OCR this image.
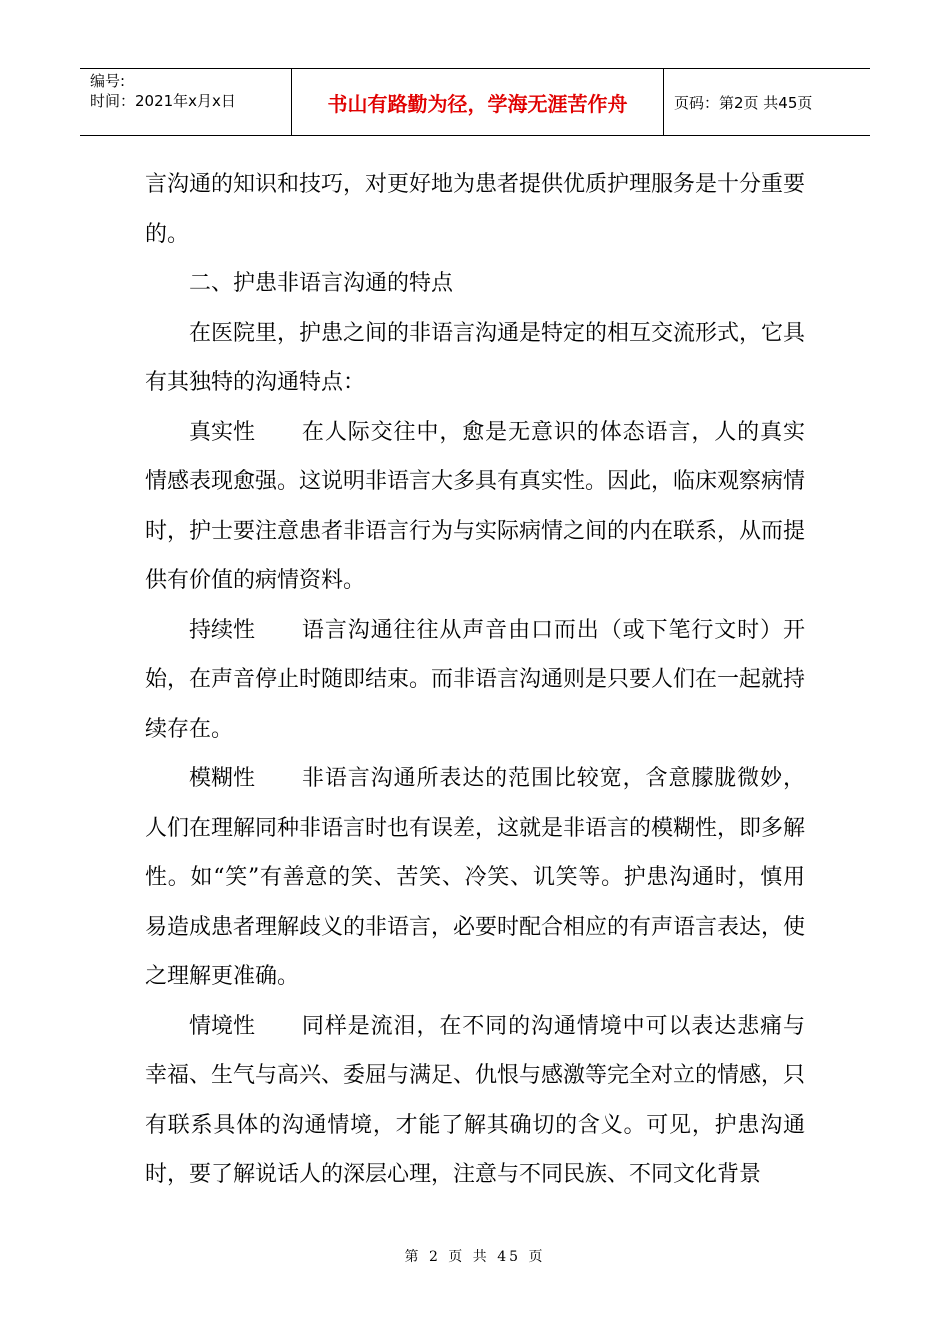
编号:
时间：2021年x月x日	书山有路勤为径，学海无涯苦作舟	页码：第2页 共45页

言沟通的知识和技巧，对更好地为患者提供优质护理服务是十分重要的。

二、护患非语言沟通的特点

在医院里，护患之间的非语言沟通是特定的相互交流形式，它具有其独特的沟通特点：

真实性 在人际交往中，愈是无意识的体态语言，人的真实情感表现愈强。这说明非语言大多具有真实性。因此，临床观察病情时，护士要注意患者非语言行为与实际病情之间的内在联系，从而提供有价值的病情资料。

持续性 语言沟通往往从声音由口而出（或下笔行文时）开始，在声音停止时随即结束。而非语言沟通则是只要人们在一起就持续存在。

模糊性 非语言沟通所表达的范围比较宽，含意朦胧微妙，人们在理解同种非语言时也有误差，这就是非语言的模糊性，即多解性。如“笑”有善意的笑、苦笑、冷笑、讥笑等。护患沟通时，慎用易造成患者理解歧义的非语言，必要时配合相应的有声语言表达，使之理解更准确。

情境性 同样是流泪，在不同的沟通情境中可以表达悲痛与幸福、生气与高兴、委屈与满足、仇恨与感激等完全对立的情感，只有联系具体的沟通情境，才能了解其确切的含义。可见，护患沟通时，要了解说话人的深层心理，注意与不同民族、不同文化背景

第 2 页 共 45 页
